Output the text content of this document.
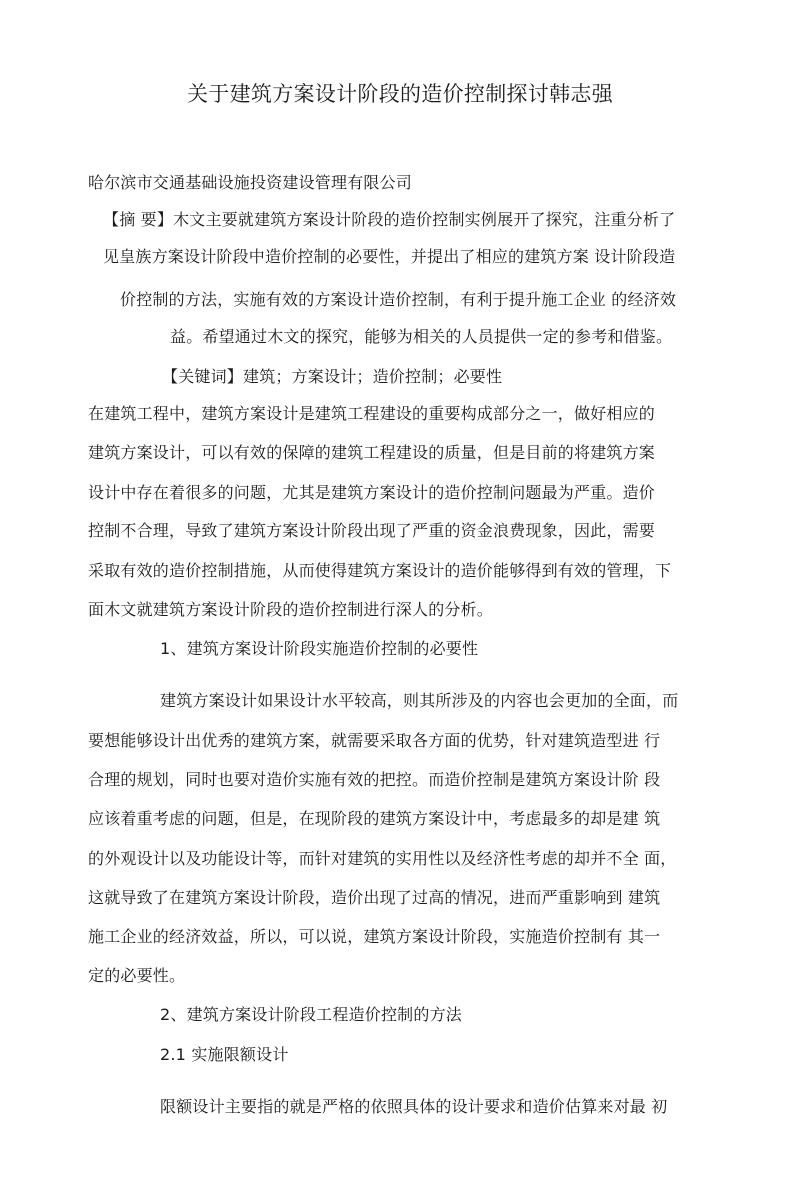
关于建筑方案设计阶段的造价控制探讨韩志强
哈尔滨市交通基础设施投资建设管理有限公司
【摘 要】木文主要就建筑方案设计阶段的造价控制实例展开了探究，注重分析了
见皇族方案设计阶段中造价控制的必要性，并提出了相应的建筑方案 设计阶段造
价控制的方法，实施有效的方案设计造价控制，有利于提升施工企业 的经济效
益。希望通过木文的探究，能够为相关的人员提供一定的参考和借鉴。
【关键词】建筑；方案设计；造价控制；必要性
在建筑工程中，建筑方案设计是建筑工程建设的重要构成部分之一，做好相应的
建筑方案设计，可以有效的保障的建筑工程建设的质量，但是目前的将建筑方案
设计中存在着很多的问题，尤其是建筑方案设计的造价控制问题最为严重。造价
控制不合理，导致了建筑方案设计阶段出现了严重的资金浪费现象，因此，需要
采取有效的造价控制措施，从而使得建筑方案设计的造价能够得到有效的管理，下
面木文就建筑方案设计阶段的造价控制进行深人的分析。
1、建筑方案设计阶段实施造价控制的必要性
建筑方案设计如果设计水平较高，则其所涉及的内容也会更加的全面，而
要想能够设计出优秀的建筑方案，就需要采取各方面的优势，针对建筑造型进 行
合理的规划，同时也要对造价实施有效的把控。而造价控制是建筑方案设计阶 段
应该着重考虑的问题，但是，在现阶段的建筑方案设计中，考虑最多的却是建 筑
的外观设计以及功能设计等，而针对建筑的实用性以及经济性考虑的却并不全 面，
这就导致了在建筑方案设计阶段，造价出现了过高的情况，进而严重影响到 建筑
施工企业的经济效益，所以，可以说，建筑方案设计阶段，实施造价控制有 其一
定的必要性。
2、建筑方案设计阶段工程造价控制的方法
2.1 实施限额设计
限额设计主要指的就是严格的依照具体的设计要求和造价估算来对最 初
